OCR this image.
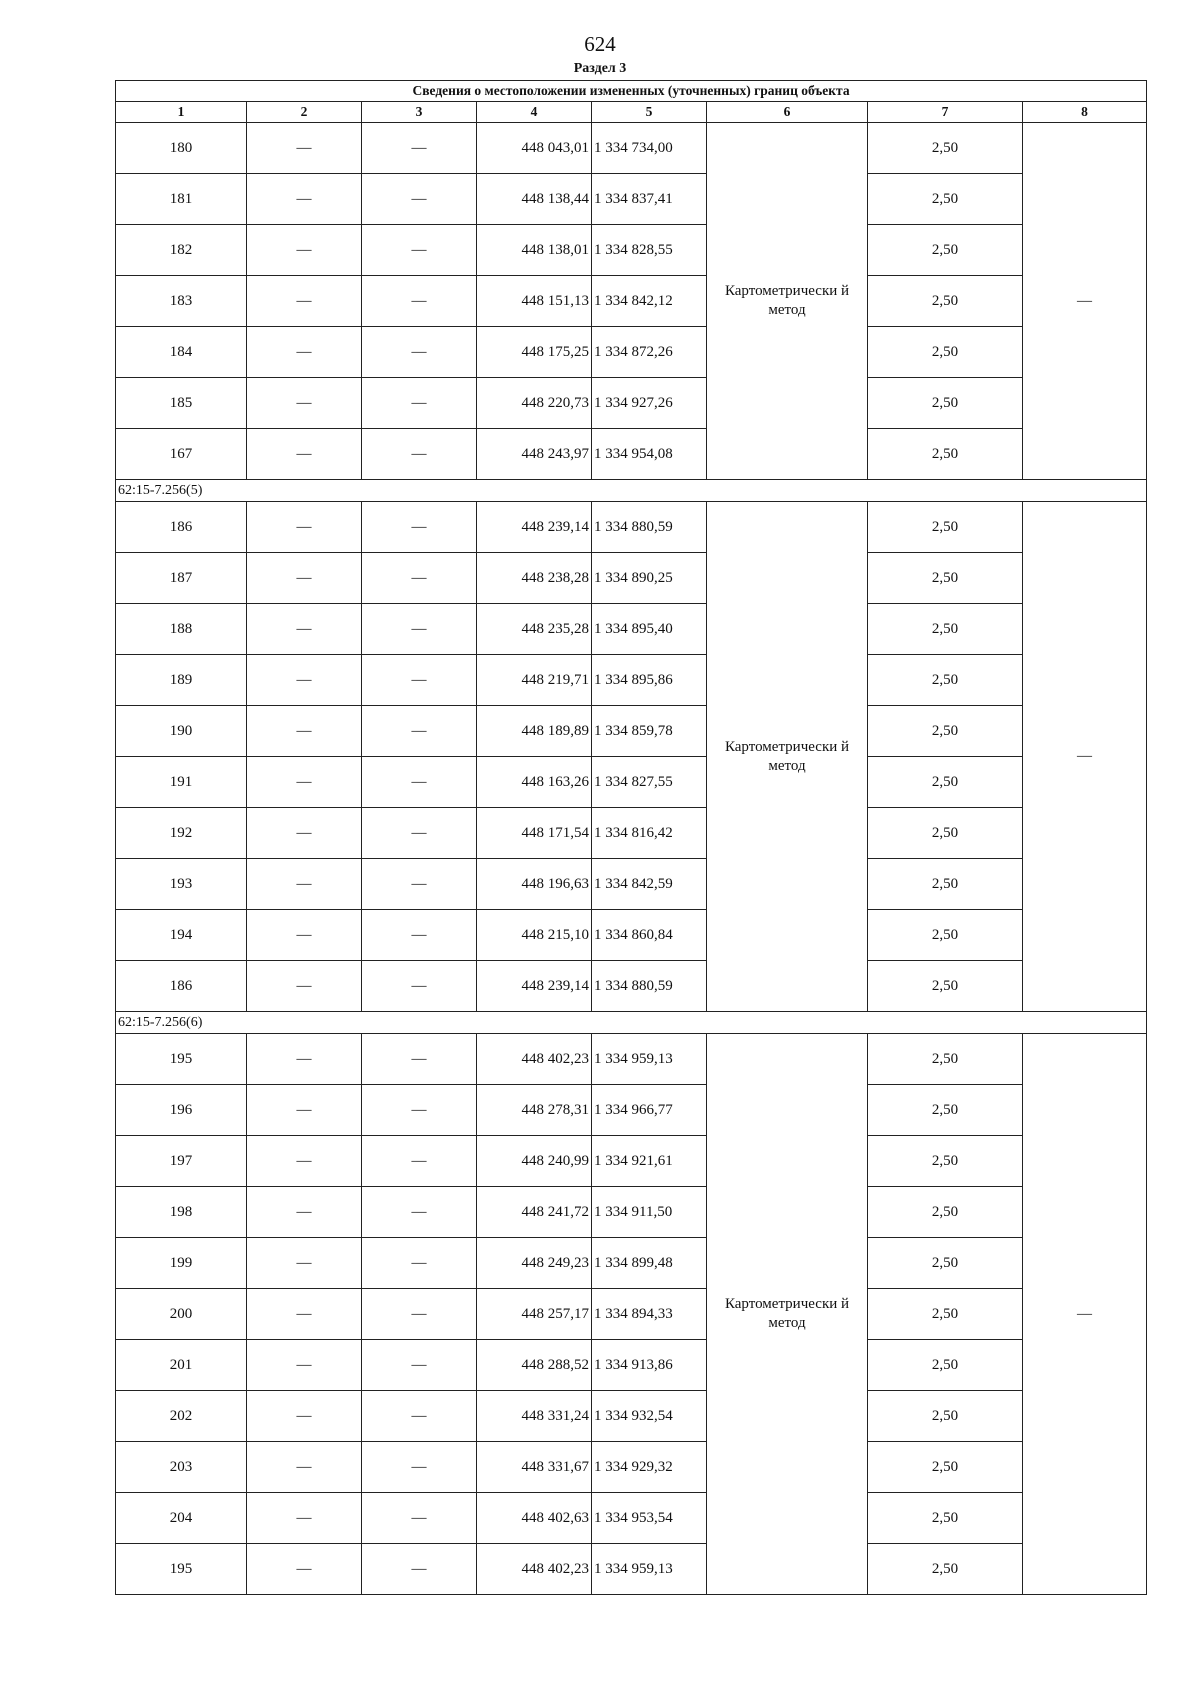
624
Раздел 3
Сведения о местоположении измененных (уточненных) границ объекта							
1	2	3	4	5	6	7	8
180	—	—	448 043,01	1 334 734,00	Картометрически й метод	2,50	—
181	—	—	448 138,44	1 334 837,41		2,50	
182	—	—	448 138,01	1 334 828,55		2,50	
183	—	—	448 151,13	1 334 842,12		2,50	
184	—	—	448 175,25	1 334 872,26		2,50	
185	—	—	448 220,73	1 334 927,26		2,50	
167	—	—	448 243,97	1 334 954,08		2,50	
62:15-7.256(5)							
186	—	—	448 239,14	1 334 880,59	Картометрически й метод	2,50	—
187	—	—	448 238,28	1 334 890,25		2,50	
188	—	—	448 235,28	1 334 895,40		2,50	
189	—	—	448 219,71	1 334 895,86		2,50	
190	—	—	448 189,89	1 334 859,78		2,50	
191	—	—	448 163,26	1 334 827,55		2,50	
192	—	—	448 171,54	1 334 816,42		2,50	
193	—	—	448 196,63	1 334 842,59		2,50	
194	—	—	448 215,10	1 334 860,84		2,50	
186	—	—	448 239,14	1 334 880,59		2,50	
62:15-7.256(6)							
195	—	—	448 402,23	1 334 959,13	Картометрически й метод	2,50	—
196	—	—	448 278,31	1 334 966,77		2,50	
197	—	—	448 240,99	1 334 921,61		2,50	
198	—	—	448 241,72	1 334 911,50		2,50	
199	—	—	448 249,23	1 334 899,48		2,50	
200	—	—	448 257,17	1 334 894,33		2,50	
201	—	—	448 288,52	1 334 913,86		2,50	
202	—	—	448 331,24	1 334 932,54		2,50	
203	—	—	448 331,67	1 334 929,32		2,50	
204	—	—	448 402,63	1 334 953,54		2,50	
195	—	—	448 402,23	1 334 959,13		2,50	
